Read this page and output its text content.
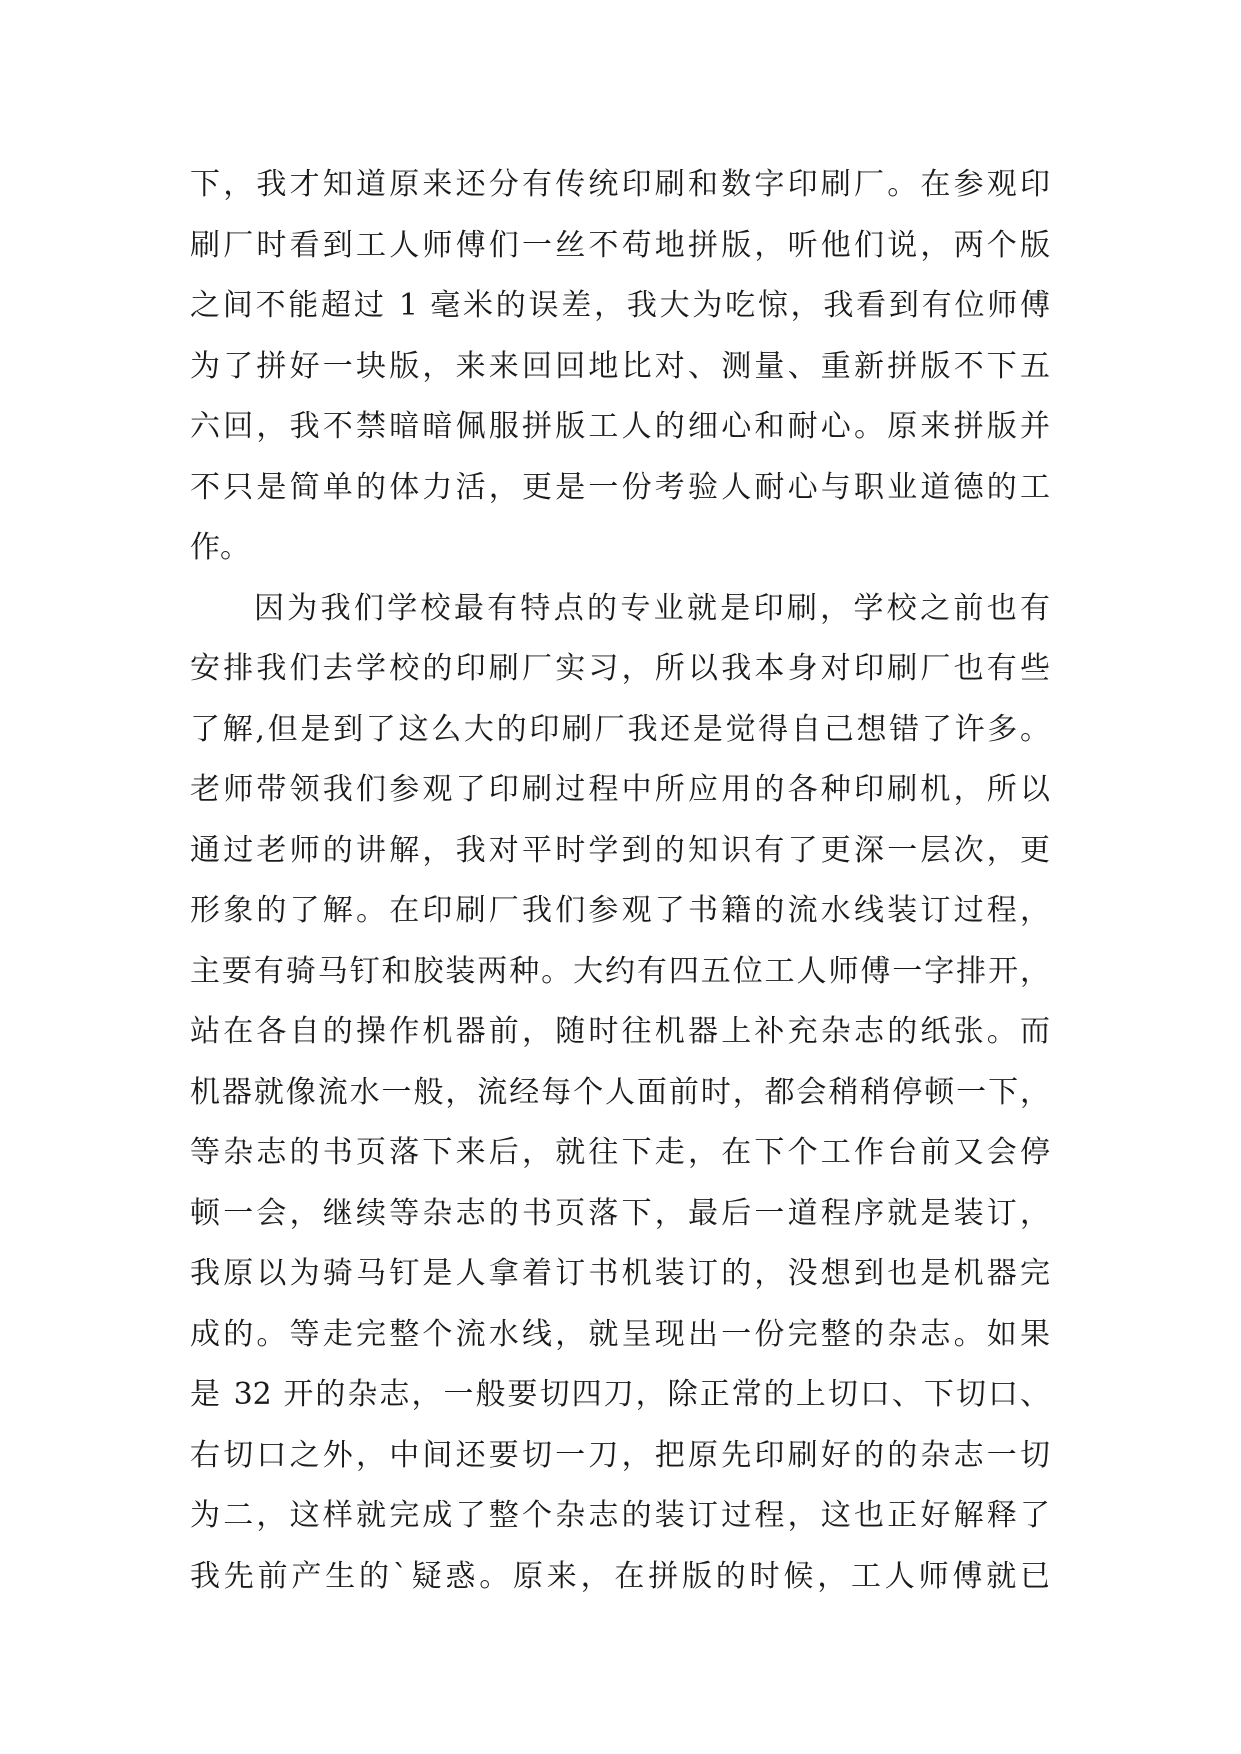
下，我才知道原来还分有传统印刷和数字印刷厂。在参观印
刷厂时看到工人师傅们一丝不苟地拼版，听他们说，两个版
之间不能超过 1 毫米的误差，我大为吃惊，我看到有位师傅
为了拼好一块版，来来回回地比对、测量、重新拼版不下五
六回，我不禁暗暗佩服拼版工人的细心和耐心。原来拼版并
不只是简单的体力活，更是一份考验人耐心与职业道德的工
作。
因为我们学校最有特点的专业就是印刷，学校之前也有
安排我们去学校的印刷厂实习，所以我本身对印刷厂也有些
了解,但是到了这么大的印刷厂我还是觉得自己想错了许多。
老师带领我们参观了印刷过程中所应用的各种印刷机，所以
通过老师的讲解，我对平时学到的知识有了更深一层次，更
形象的了解。在印刷厂我们参观了书籍的流水线装订过程，
主要有骑马钉和胶装两种。大约有四五位工人师傅一字排开，
站在各自的操作机器前，随时往机器上补充杂志的纸张。而
机器就像流水一般，流经每个人面前时，都会稍稍停顿一下，
等杂志的书页落下来后，就往下走，在下个工作台前又会停
顿一会，继续等杂志的书页落下，最后一道程序就是装订，
我原以为骑马钉是人拿着订书机装订的，没想到也是机器完
成的。等走完整个流水线，就呈现出一份完整的杂志。如果
是 32 开的杂志，一般要切四刀，除正常的上切口、下切口、
右切口之外，中间还要切一刀，把原先印刷好的的杂志一切
为二，这样就完成了整个杂志的装订过程，这也正好解释了
我先前产生的`疑惑。原来，在拼版的时候，工人师傅就已
